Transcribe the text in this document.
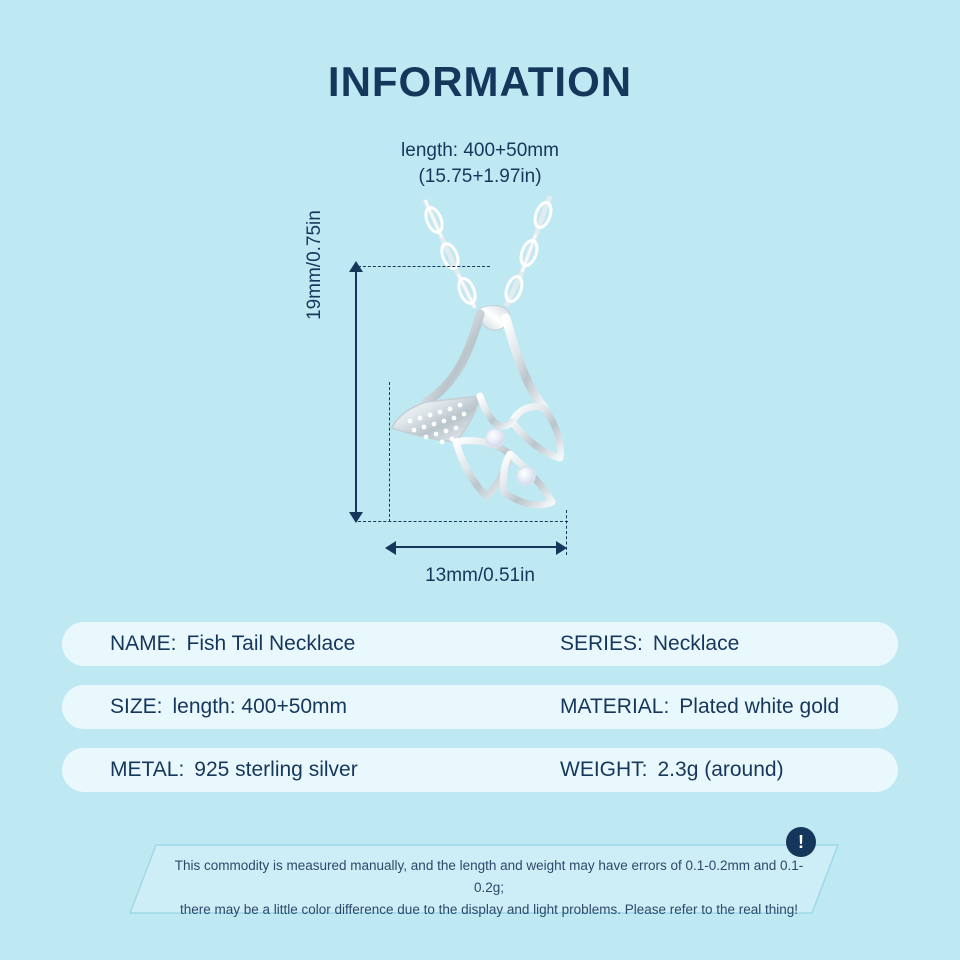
INFORMATION
length: 400+50mm
(15.75+1.97in)
19mm/0.75in
13mm/0.51in
NAME: Fish Tail Necklace	SERIES: Necklace
SIZE: length: 400+50mm	MATERIAL: Plated white gold
METAL: 925 sterling silver	WEIGHT: 2.3g (around)
!
This commodity is measured manually, and the length and weight may have errors of 0.1-0.2mm and 0.1-0.2g;
there may be a little color difference due to the display and light problems. Please refer to the real thing!
